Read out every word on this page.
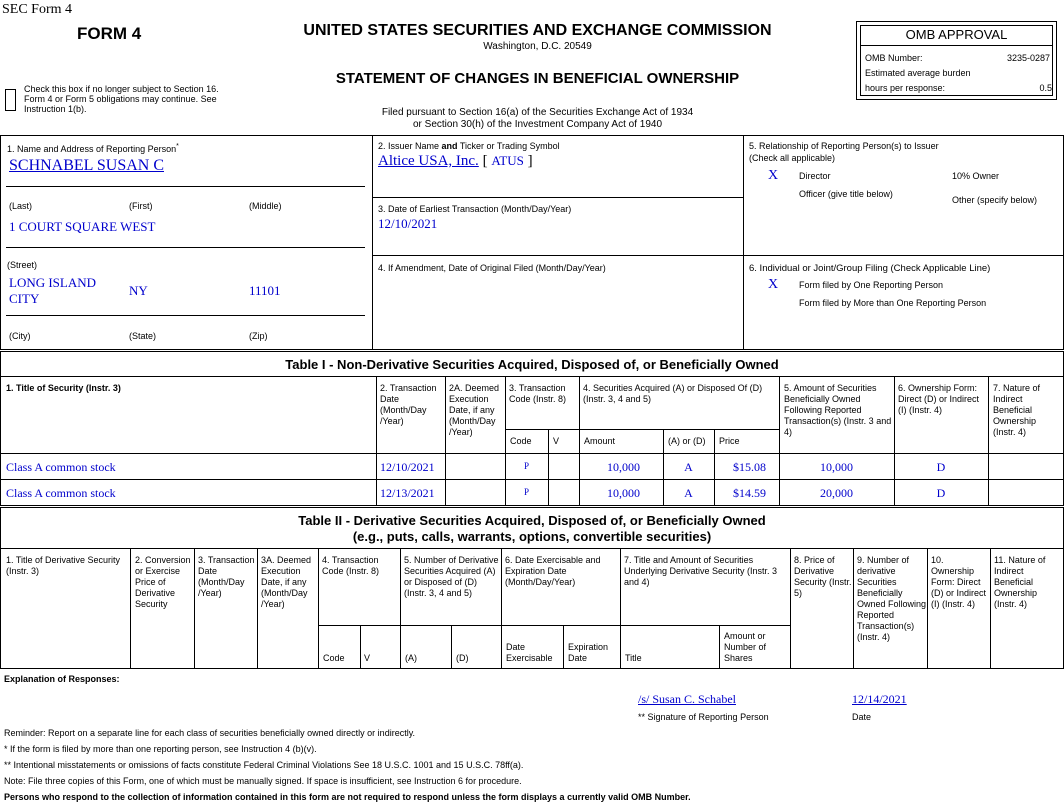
SEC Form 4
FORM 4	UNITED STATES SECURITIES AND EXCHANGE COMMISSION
Washington, D.C. 20549
STATEMENT OF CHANGES IN BENEFICIAL OWNERSHIP
Filed pursuant to Section 16(a) of the Securities Exchange Act of 1934
or Section 30(h) of the Investment Company Act of 1940
Check this box if no longer subject to Section 16. Form 4 or Form 5 obligations may continue. See Instruction 1(b).
OMB APPROVAL
OMB Number:	3235-0287
Estimated average burden
hours per response:	0.5
1. Name and Address of Reporting Person*
SCHNABEL SUSAN C
(Last)	(First)	(Middle)
1 COURT SQUARE WEST
(Street)
LONG ISLAND CITY
NY	11101
(City)	(State)	(Zip)
2. Issuer Name and Ticker or Trading Symbol
Altice USA, Inc. [ ATUS ]
3. Date of Earliest Transaction (Month/Day/Year)
12/10/2021
4. If Amendment, Date of Original Filed (Month/Day/Year)
5. Relationship of Reporting Person(s) to Issuer
(Check all applicable)
X Director	10% Owner
Officer (give title below)
Other (specify below)
6. Individual or Joint/Group Filing (Check Applicable Line)
X Form filed by One Reporting Person
Form filed by More than One Reporting Person
Table I - Non-Derivative Securities Acquired, Disposed of, or Beneficially Owned
1. Title of Security (Instr. 3)	2. Transaction Date (Month/Day /Year)
2A. Deemed Execution Date, if any (Month/Day /Year)
3. Transaction Code (Instr. 8)
4. Securities Acquired (A) or Disposed Of (D) (Instr. 3, 4 and 5)
5. Amount of Securities Beneficially Owned Following Reported Transaction(s) (Instr. 3 and 4)
6. Ownership Form: Direct (D) or Indirect (I) (Instr. 4)
7. Nature of Indirect Beneficial Ownership (Instr. 4)
Code V	Amount	(A) or (D) Price
Class A common stock	12/10/2021	P	10,000	A	$15.08	10,000	D
Class A common stock	12/13/2021	P	10,000	A	$14.59	20,000	D
Table II - Derivative Securities Acquired, Disposed of, or Beneficially Owned
(e.g., puts, calls, warrants, options, convertible securities)
1. Title of Derivative Security (Instr. 3)
2. Conversion or Exercise Price of Derivative Security
3. Transaction Date (Month/Day /Year)
3A. Deemed Execution Date, if any (Month/Day /Year)
4. Transaction Code (Instr. 8)
5. Number of Derivative Securities Acquired (A) or Disposed of (D) (Instr. 3, 4 and 5)
6. Date Exercisable and Expiration Date (Month/Day/Year)
7. Title and Amount of Securities Underlying Derivative Security (Instr. 3 and 4)
8. Price of Derivative Security (Instr. 5)
9. Number of derivative Securities Beneficially Owned Following Reported Transaction(s) (Instr. 4)
10. Ownership Form: Direct (D) or Indirect (I) (Instr. 4)
11. Nature of Indirect Beneficial Ownership (Instr. 4)
Code V	(A)	(D)
Date Exercisable
Expiration Date	Title
Amount or Number of Shares
Explanation of Responses:
/s/ Susan C. Schabel	12/14/2021
** Signature of Reporting Person	Date
Reminder: Report on a separate line for each class of securities beneficially owned directly or indirectly.
* If the form is filed by more than one reporting person, see Instruction 4 (b)(v).
** Intentional misstatements or omissions of facts constitute Federal Criminal Violations See 18 U.S.C. 1001 and 15 U.S.C. 78ff(a).
Note: File three copies of this Form, one of which must be manually signed. If space is insufficient, see Instruction 6 for procedure.
Persons who respond to the collection of information contained in this form are not required to respond unless the form displays a currently valid OMB Number.
